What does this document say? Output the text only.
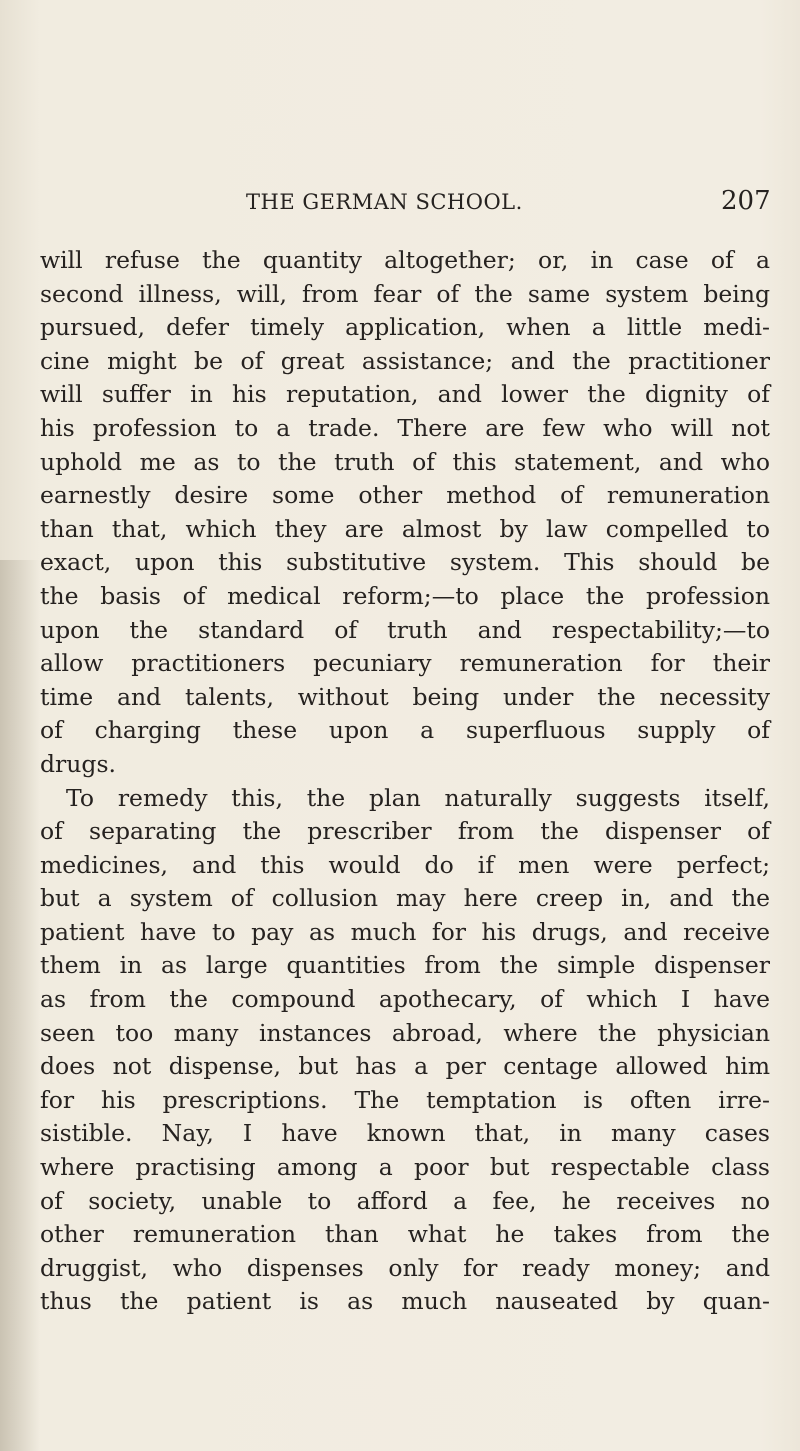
THE GERMAN SCHOOL.	207
will refuse the quantity altogether; or, in case of a
second illness, will, from fear of the same system being
pursued, defer timely application, when a little medi-
cine might be of great assistance; and the practitioner
will suffer in his reputation, and lower the dignity of
his profession to a trade. There are few who will not
uphold me as to the truth of this statement, and who
earnestly desire some other method of remuneration
than that, which they are almost by law compelled to
exact, upon this substitutive system. This should be
the basis of medical reform;—to place the profession
upon the standard of truth and respectability;—to
allow practitioners pecuniary remuneration for their
time and talents, without being under the necessity
of charging these upon a superfluous supply of
drugs.
To remedy this, the plan naturally suggests itself,
of separating the prescriber from the dispenser of
medicines, and this would do if men were perfect;
but a system of collusion may here creep in, and the
patient have to pay as much for his drugs, and receive
them in as large quantities from the simple dispenser
as from the compound apothecary, of which I have
seen too many instances abroad, where the physician
does not dispense, but has a per centage allowed him
for his prescriptions. The temptation is often irre-
sistible. Nay, I have known that, in many cases
where practising among a poor but respectable class
of society, unable to afford a fee, he receives no
other remuneration than what he takes from the
druggist, who dispenses only for ready money; and
thus the patient is as much nauseated by quan-
